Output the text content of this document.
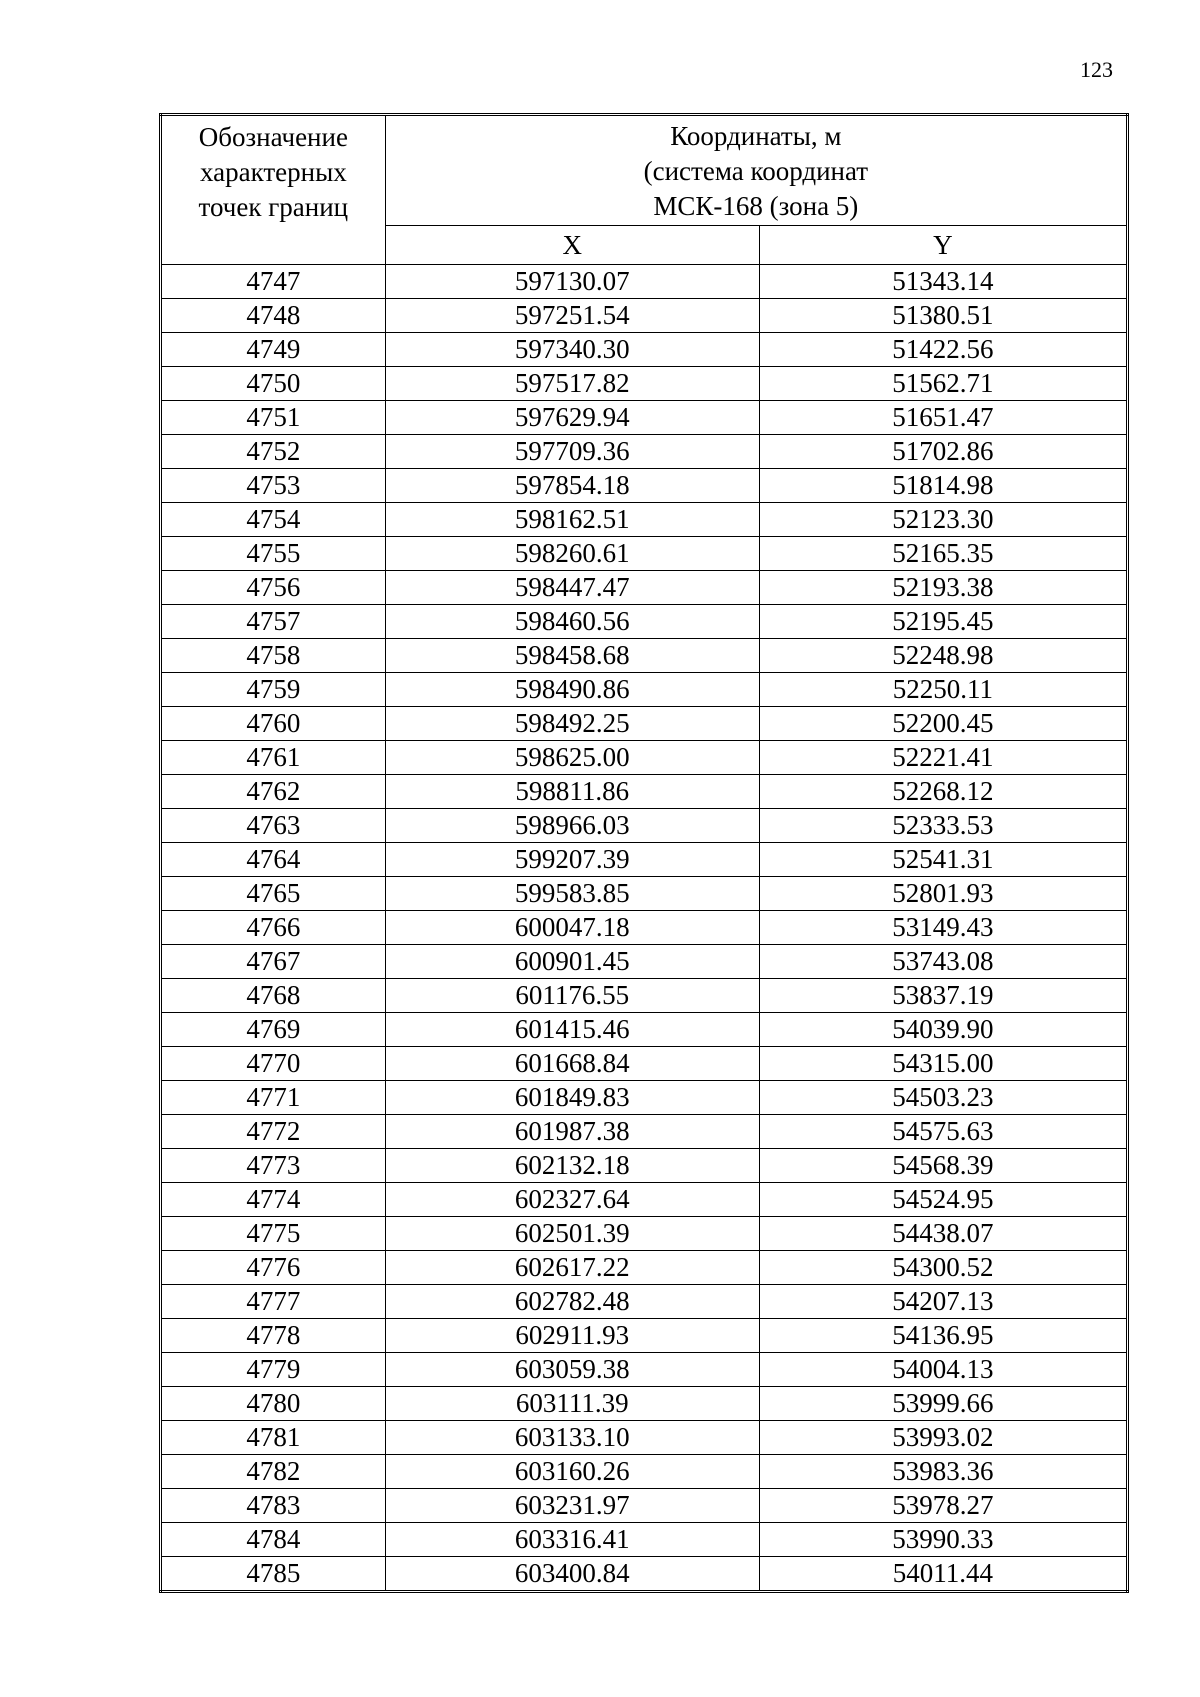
123
Обозначение
характерных
точек границ	Координаты, м
(система координат
МСК-168 (зона 5)	

	X	Y
4747	597130.07	51343.14
4748	597251.54	51380.51
4749	597340.30	51422.56
4750	597517.82	51562.71
4751	597629.94	51651.47
4752	597709.36	51702.86
4753	597854.18	51814.98
4754	598162.51	52123.30
4755	598260.61	52165.35
4756	598447.47	52193.38
4757	598460.56	52195.45
4758	598458.68	52248.98
4759	598490.86	52250.11
4760	598492.25	52200.45
4761	598625.00	52221.41
4762	598811.86	52268.12
4763	598966.03	52333.53
4764	599207.39	52541.31
4765	599583.85	52801.93
4766	600047.18	53149.43
4767	600901.45	53743.08
4768	601176.55	53837.19
4769	601415.46	54039.90
4770	601668.84	54315.00
4771	601849.83	54503.23
4772	601987.38	54575.63
4773	602132.18	54568.39
4774	602327.64	54524.95
4775	602501.39	54438.07
4776	602617.22	54300.52
4777	602782.48	54207.13
4778	602911.93	54136.95
4779	603059.38	54004.13
4780	603111.39	53999.66
4781	603133.10	53993.02
4782	603160.26	53983.36
4783	603231.97	53978.27
4784	603316.41	53990.33
4785	603400.84	54011.44
